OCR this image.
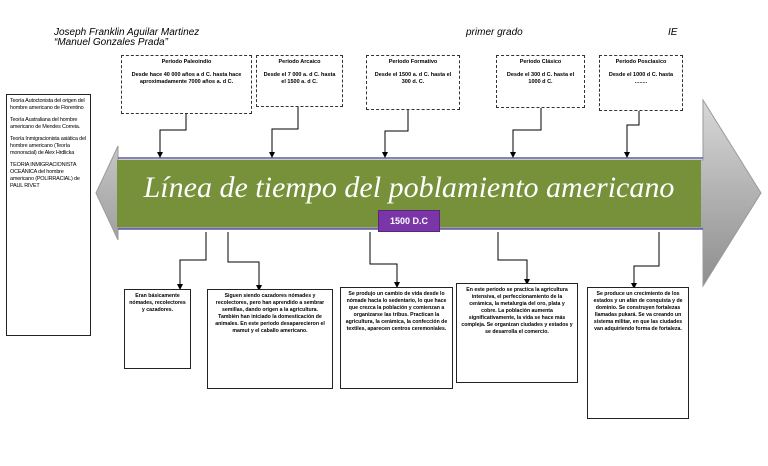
Joseph Franklin Aguilar Martinez
“Manuel Gonzales Prada”
primer grado	IE
Línea de tiempo del poblamiento americano
1500 D.C

Teoría Autoctonista del origen del hombre americano de Florentino

Teoría Australiana del hombre americano de Mendes Correia.

Teoría Inmigracionista asiática del hombre americano (Teoría monoracial) de Alex Hrdlicka

TEORIA INMIGRACIONISTA OCEÁNICA del hombre americano (POLIRRACIAL) de PAUL RIVET

Periodo Paleoindio
Desde hace 40 000 años a d C. hasta hace aproximadamente 7000 años a. d C.
Periodo Arcaico
Desde el 7 000 a. d C. hasta el 1500 a. d C.
Periodo Formativo
Desde el 1500 a. d C. hasta el 300 d. C.
Periodo Clásico
Desde el 300 d C. hasta el 1000 d C.
Periodo Posclasico
Desde el 1000 d C. hasta ........
Eran básicamente nómades, recolectores y cazadores.
Siguen siendo cazadores nómades y recolectores, pero han aprendido a sembrar semillas, dando origen a la agricultura. También han iniciado la domesticación de animales. En este periodo desaparecieron el mamut y el caballo americano.
Se produjo un cambio de vida desde lo nómade hacia lo sedentario, lo que hace que crezca la población y comienzan a organizarse las tribus. Practican la agricultura, la cerámica, la confección de textiles, aparecen centros ceremoniales.
En este periodo se practica la agricultura intensiva, el perfeccionamiento de la cerámica, la metalurgia del oro, plata y cobre. La población aumenta significativamente, la vida se hace más compleja. Se organizan ciudades y estados y se desarrolla el comercio.
Se produce un crecimiento de los estados y un afán de conquista y de dominio. Se construyen fortalezas llamadas pukará. Se va creando un sistema militar, en que las ciudades van adquiriendo forma de fortaleza.
